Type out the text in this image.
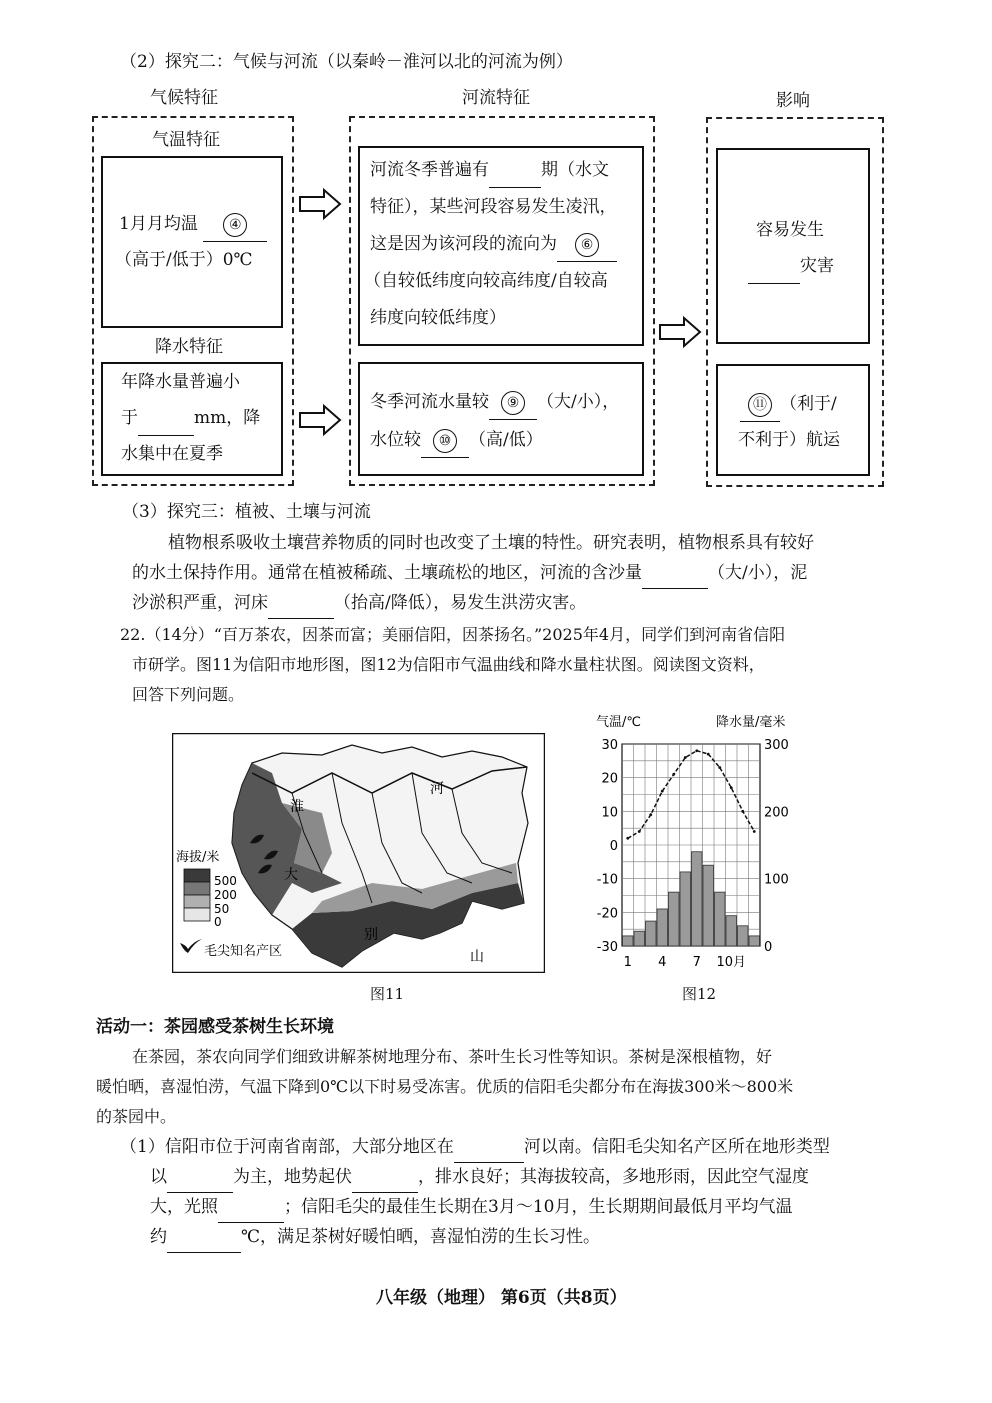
（2）探究二：气候与河流（以秦岭－淮河以北的河流为例）
气候特征	河流特征	影响
气温特征
1月月均温 ④
（高于/低于）0℃
降水特征
年降水量普遍小
于	mm，降
水集中在夏季
河流冬季普遍有	期（水文
特征），某些河段容易发生凌汛，
这是因为该河段的流向为 ⑥
（自较低纬度向较高纬度/自较高
纬度向较低纬度）
冬季河流水量较 ⑨ （大/小），
水位较 ⑩ （高/低）
容易发生
灾害
⑪ （利于/
不利于）航运
（3）探究三：植被、土壤与河流
植物根系吸收土壤营养物质的同时也改变了土壤的特性。研究表明，植物根系具有较好
的水土保持作用。通常在植被稀疏、土壤疏松的地区，河流的含沙量	（大/小），泥
沙淤积严重，河床	（抬高/降低），易发生洪涝灾害。
22.（14分）“百万茶农，因茶而富；美丽信阳，因茶扬名。”2025年4月，同学们到河南省信阳
市研学。图11为信阳市地形图，图12为信阳市气温曲线和降水量柱状图。阅读图文资料，
回答下列问题。
淮
河
大
别
山
海拔/米
500
200
50
0
毛尖知名产区
图11
气温/℃	降水量/毫米
30
20
10
0
-10
-20
-30
300
200
100
0
1 4 7 10月
图12
活动一：茶园感受茶树生长环境
在茶园，茶农向同学们细致讲解茶树地理分布、茶叶生长习性等知识。茶树是深根植物，好
暖怕晒，喜湿怕涝，气温下降到0℃以下时易受冻害。优质的信阳毛尖都分布在海拔300米～800米
的茶园中。
（1）信阳市位于河南省南部，大部分地区在	河以南。信阳毛尖知名产区所在地形类型
以	为主，地势起伏	，排水良好；其海拔较高，多地形雨，因此空气湿度
大，光照	；信阳毛尖的最佳生长期在3月～10月，生长期期间最低月平均气温
约	℃，满足茶树好暖怕晒，喜湿怕涝的生长习性。
八年级（地理） 第6页（共8页）
